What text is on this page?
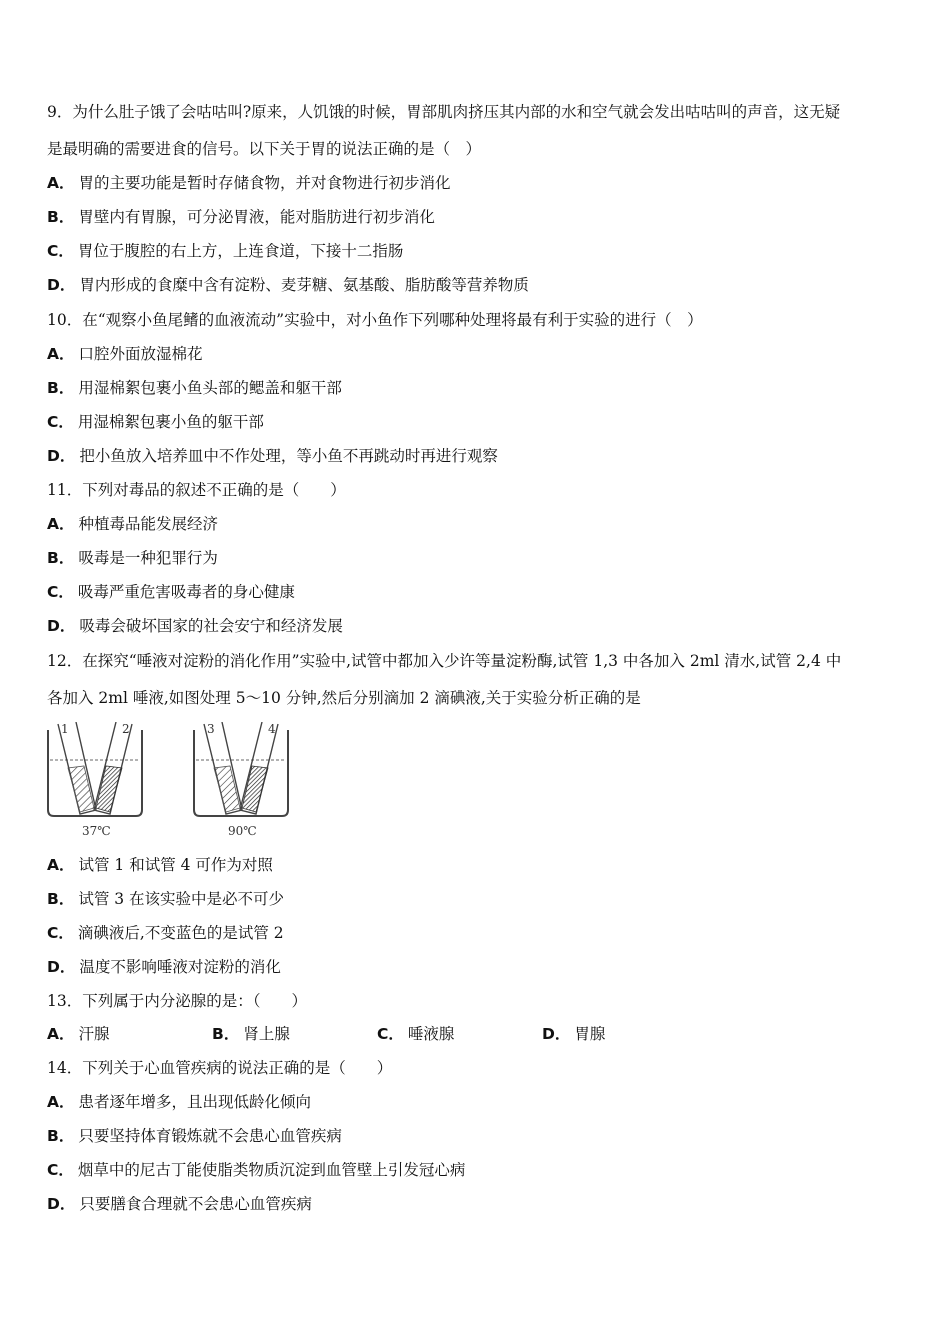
9．为什么肚子饿了会咕咕叫?原来，人饥饿的时候，胃部肌肉挤压其内部的水和空气就会发出咕咕叫的声音，这无疑
是最明确的需要进食的信号。以下关于胃的说法正确的是（　）
A． 胃的主要功能是暂时存储食物，并对食物进行初步消化
B． 胃壁内有胃腺，可分泌胃液，能对脂肪进行初步消化
C． 胃位于腹腔的右上方，上连食道，下接十二指肠
D． 胃内形成的食糜中含有淀粉、麦芽糖、氨基酸、脂肪酸等营养物质
10．在“观察小鱼尾鳍的血液流动”实验中，对小鱼作下列哪种处理将最有利于实验的进行（　）
A． 口腔外面放湿棉花
B． 用湿棉絮包裹小鱼头部的鳃盖和躯干部
C． 用湿棉絮包裹小鱼的躯干部
D． 把小鱼放入培养皿中不作处理，等小鱼不再跳动时再进行观察
11．下列对毒品的叙述不正确的是（　　）
A． 种植毒品能发展经济
B． 吸毒是一种犯罪行为
C． 吸毒严重危害吸毒者的身心健康
D． 吸毒会破坏国家的社会安宁和经济发展
12．在探究“唾液对淀粉的消化作用”实验中,试管中都加入少许等量淀粉酶,试管 1,3 中各加入 2ml 清水,试管 2,4 中
各加入 2ml 唾液,如图处理 5～10 分钟,然后分别滴加 2 滴碘液,关于实验分析正确的是
1	2	3	4
37℃	90℃
A． 试管 1 和试管 4 可作为对照
B． 试管 3 在该实验中是必不可少
C． 滴碘液后,不变蓝色的是试管 2
D． 温度不影响唾液对淀粉的消化
13．下列属于内分泌腺的是：（　　）
A． 汗腺	B． 肾上腺	C． 唾液腺	D． 胃腺
14．下列关于心血管疾病的说法正确的是（　　）
A． 患者逐年增多，且出现低龄化倾向
B． 只要坚持体育锻炼就不会患心血管疾病
C． 烟草中的尼古丁能使脂类物质沉淀到血管壁上引发冠心病
D． 只要膳食合理就不会患心血管疾病
